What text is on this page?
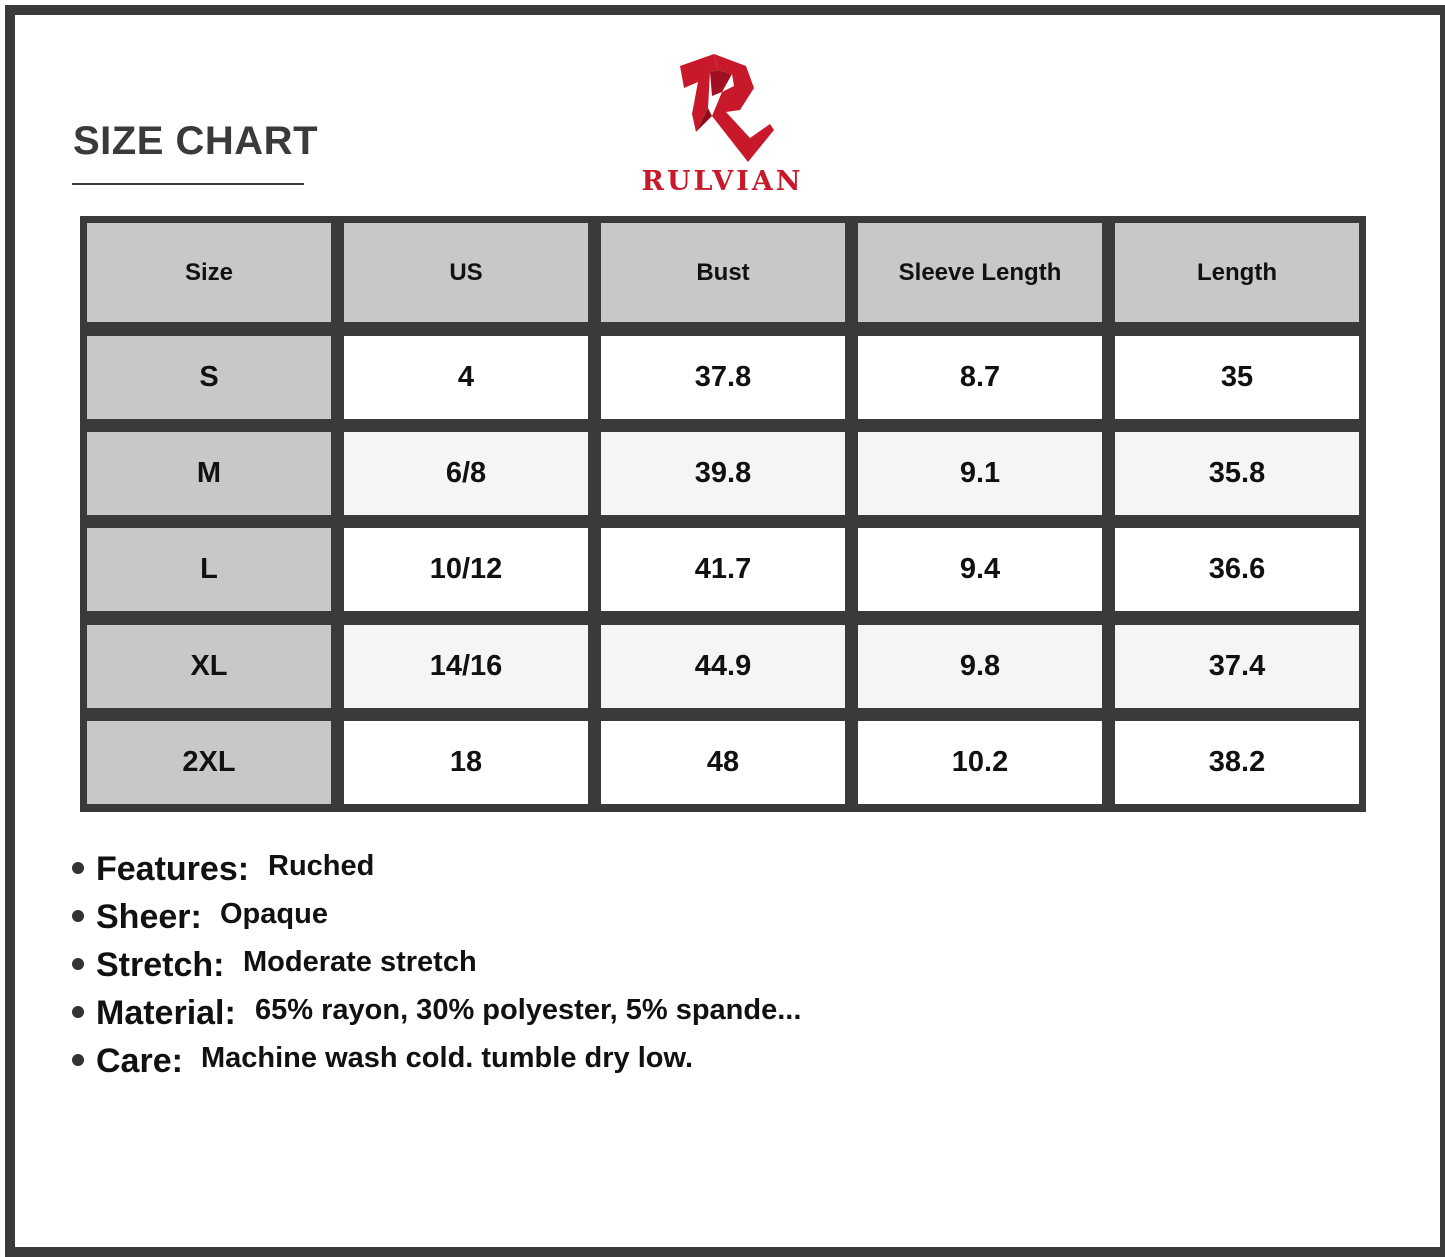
SIZE CHART
RULVIAN
Size	US	Bust	Sleeve Length	Length
S	4	37.8	8.7	35
M	6/8	39.8	9.1	35.8
L	10/12	41.7	9.4	36.6
XL	14/16	44.9	9.8	37.4
2XL	18	48	10.2	38.2
Features: Ruched
Sheer: Opaque
Stretch: Moderate stretch
Material: 65% rayon, 30% polyester, 5% spande...
Care: Machine wash cold. tumble dry low.
